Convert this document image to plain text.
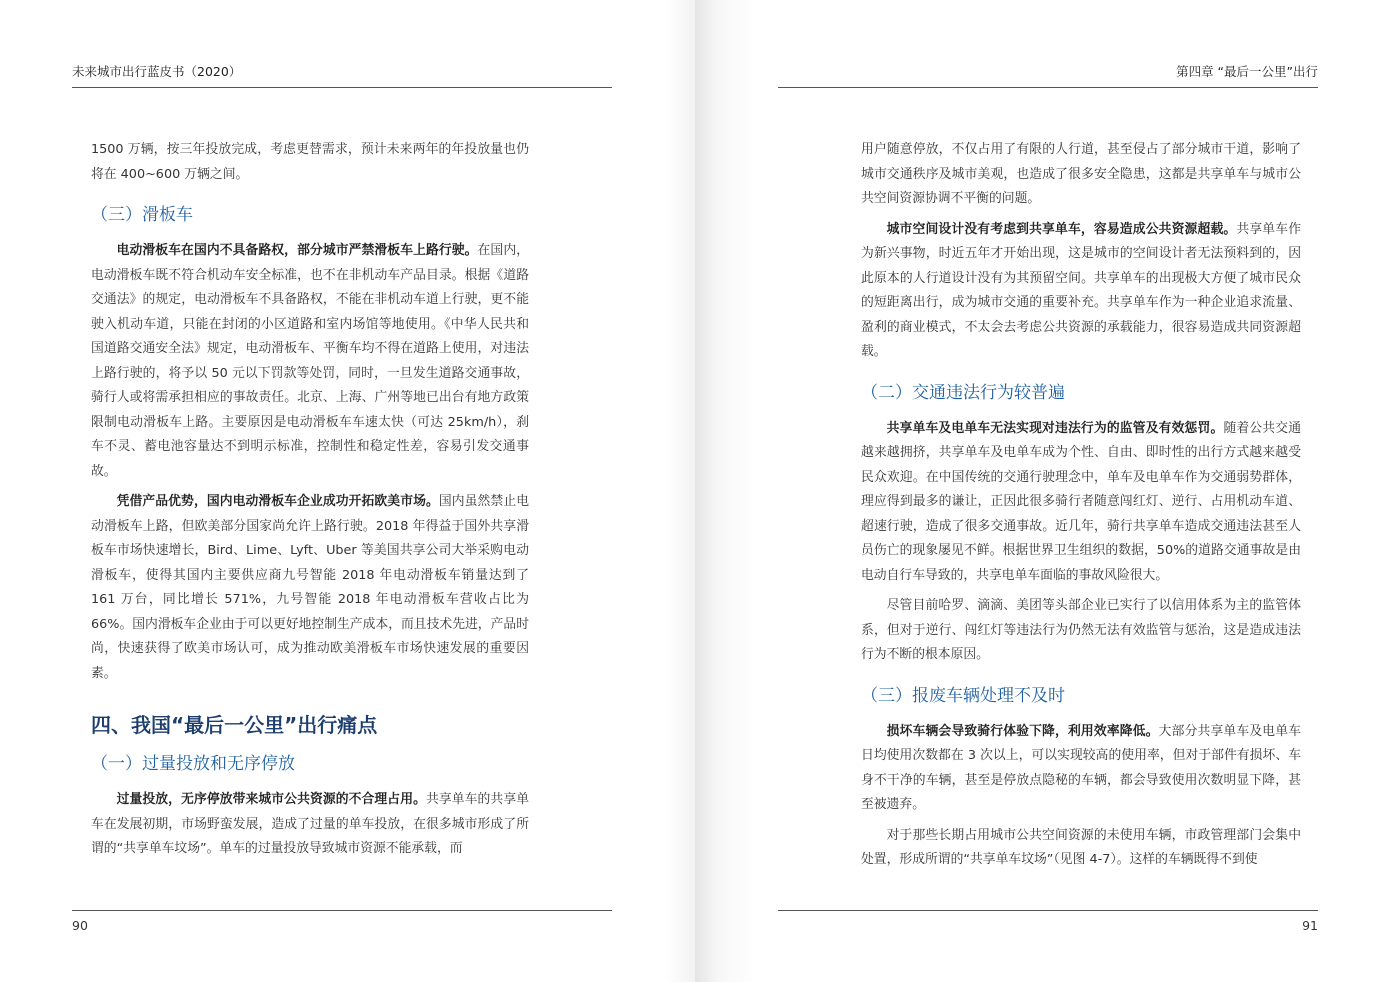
未来城市出行蓝皮书（2020）

1500 万辆，按三年投放完成，考虑更替需求，预计未来两年的年投放量也仍将在 400~600 万辆之间。

（三）滑板车

电动滑板车在国内不具备路权，部分城市严禁滑板车上路行驶。在国内，电动滑板车既不符合机动车安全标准，也不在非机动车产品目录。根据《道路交通法》的规定，电动滑板车不具备路权，不能在非机动车道上行驶，更不能驶入机动车道，只能在封闭的小区道路和室内场馆等地使用。《中华人民共和国道路交通安全法》规定，电动滑板车、平衡车均不得在道路上使用，对违法上路行驶的，将予以 50 元以下罚款等处罚，同时，一旦发生道路交通事故，骑行人或将需承担相应的事故责任。北京、上海、广州等地已出台有地方政策限制电动滑板车上路。主要原因是电动滑板车车速太快（可达 25km/h），刹车不灵、蓄电池容量达不到明示标准，控制性和稳定性差，容易引发交通事故。

凭借产品优势，国内电动滑板车企业成功开拓欧美市场。国内虽然禁止电动滑板车上路，但欧美部分国家尚允许上路行驶。2018 年得益于国外共享滑板车市场快速增长，Bird、Lime、Lyft、Uber 等美国共享公司大举采购电动滑板车，使得其国内主要供应商九号智能 2018 年电动滑板车销量达到了 161 万台，同比增长 571%，九号智能 2018 年电动滑板车营收占比为 66%。国内滑板车企业由于可以更好地控制生产成本，而且技术先进，产品时尚，快速获得了欧美市场认可，成为推动欧美滑板车市场快速发展的重要因素。

四、我国“最后一公里”出行痛点
（一）过量投放和无序停放

过量投放，无序停放带来城市公共资源的不合理占用。共享单车的共享单车在发展初期，市场野蛮发展，造成了过量的单车投放，在很多城市形成了所谓的“共享单车坟场”。单车的过量投放导致城市资源不能承载，而

90
第四章 “最后一公里”出行

用户随意停放，不仅占用了有限的人行道，甚至侵占了部分城市干道，影响了城市交通秩序及城市美观，也造成了很多安全隐患，这都是共享单车与城市公共空间资源协调不平衡的问题。

城市空间设计没有考虑到共享单车，容易造成公共资源超载。共享单车作为新兴事物，时近五年才开始出现，这是城市的空间设计者无法预料到的，因此原本的人行道设计没有为其预留空间。共享单车的出现极大方便了城市民众的短距离出行，成为城市交通的重要补充。共享单车作为一种企业追求流量、盈利的商业模式，不太会去考虑公共资源的承载能力，很容易造成共同资源超载。

（二）交通违法行为较普遍

共享单车及电单车无法实现对违法行为的监管及有效惩罚。随着公共交通越来越拥挤，共享单车及电单车成为个性、自由、即时性的出行方式越来越受民众欢迎。在中国传统的交通行驶理念中，单车及电单车作为交通弱势群体，理应得到最多的谦让，正因此很多骑行者随意闯红灯、逆行、占用机动车道、超速行驶，造成了很多交通事故。近几年，骑行共享单车造成交通违法甚至人员伤亡的现象屡见不鲜。根据世界卫生组织的数据，50%的道路交通事故是由电动自行车导致的，共享电单车面临的事故风险很大。

尽管目前哈罗、滴滴、美团等头部企业已实行了以信用体系为主的监管体系，但对于逆行、闯红灯等违法行为仍然无法有效监管与惩治，这是造成违法行为不断的根本原因。

（三）报废车辆处理不及时

损坏车辆会导致骑行体验下降，利用效率降低。大部分共享单车及电单车日均使用次数都在 3 次以上，可以实现较高的使用率，但对于部件有损坏、车身不干净的车辆，甚至是停放点隐秘的车辆，都会导致使用次数明显下降，甚至被遗弃。

对于那些长期占用城市公共空间资源的未使用车辆，市政管理部门会集中处置，形成所谓的“共享单车坟场”（见图 4-7）。这样的车辆既得不到使

91
